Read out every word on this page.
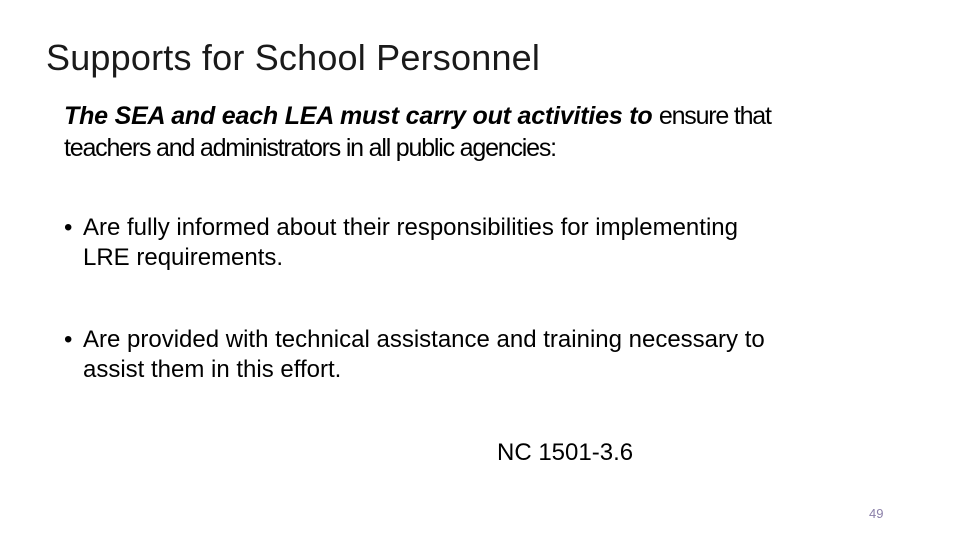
Supports for School Personnel
The SEA and each LEA must carry out activities to ensure that teachers and administrators in all public agencies:
• Are fully informed about their responsibilities for implementing LRE requirements.
• Are provided with technical assistance and training necessary to assist them in this effort.
NC 1501-3.6
49
